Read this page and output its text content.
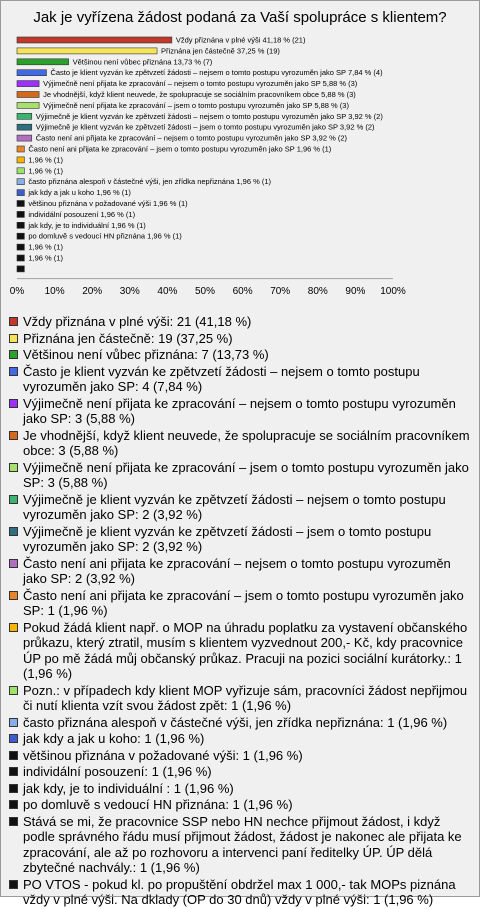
Jak je vyřízena žádost podaná za Vaší spoluprácе s klientem?
Vždy přiznána v plné výši 41,18 % (21)
Přiznána jen částečně 37,25 % (19)
Většinou není vůbec přiznána 13,73 % (7)
Často je klient vyzván ke zpětvzetí žádosti – nejsem o tomto postupu vyrozuměn jako SP 7,84 % (4)
Výjimečně není přijata ke zpracování – nejsem o tomto postupu vyrozuměn jako SP 5,88 % (3)
Je vhodnější, když klient neuvede, že spolupracuje se sociálním pracovníkem obce 5,88 % (3)
Výjimečně není přijata ke zpracování – jsem o tomto postupu vyrozuměn jako SP 5,88 % (3)
Výjimečně je klient vyzván ke zpětvzetí žádosti – nejsem o tomto postupu vyrozuměn jako SP 3,92 % (2)
Výjimečně je klient vyzván ke zpětvzetí žádosti – jsem o tomto postupu vyrozuměn jako SP 3,92 % (2)
Často není ani přijata ke zpracování – nejsem o tomto postupu vyrozuměn jako SP 3,92 % (2)
Často není ani přijata ke zpracování – jsem o tomto postupu vyrozuměn jako SP 1,96 % (1)
1,96 % (1)
1,96 % (1)
často přiznána alespoň v částečné výši, jen zřídka nepřiznána 1,96 % (1)
jak kdy a jak u koho 1,96 % (1)
většinou přiznána v požadované výši 1,96 % (1)
individální posouzení 1,96 % (1)
jak kdy, je to individuální 1,96 % (1)
po domluvě s vedoucí HN přiznána 1,96 % (1)
1,96 % (1)
1,96 % (1)
0% 10% 20% 30% 40% 50% 60% 70% 80% 90% 100%
Vždy přiznána v plné výši: 21 (41,18 %)
Přiznána jen částečně: 19 (37,25 %)
Většinou není vůbec přiznána: 7 (13,73 %)
Často je klient vyzván ke zpětvzetí žádosti – nejsem o tomto postupu vyrozuměn jako SP: 4 (7,84 %)
Výjimečně není přijata ke zpracování – nejsem o tomto postupu vyrozuměn jako SP: 3 (5,88 %)
Je vhodnější, když klient neuvede, že spolupracuje se sociálním pracovníkem obce: 3 (5,88 %)
Výjimečně není přijata ke zpracování – jsem o tomto postupu vyrozuměn jako SP: 3 (5,88 %)
Výjimečně je klient vyzván ke zpětvzetí žádosti – nejsem o tomto postupu vyrozuměn jako SP: 2 (3,92 %)
Výjimečně je klient vyzván ke zpětvzetí žádosti – jsem o tomto postupu vyrozuměn jako SP: 2 (3,92 %)
Často není ani přijata ke zpracování – nejsem o tomto postupu vyrozuměn jako SP: 2 (3,92 %)
Často není ani přijata ke zpracování – jsem o tomto postupu vyrozuměn jako SP: 1 (1,96 %)
Pokud žádá klient např. o MOP na úhradu poplatku za vystavení občanského průkazu, který ztratil, musím s klientem vyzvednout 200,- Kč, kdy pracovnice ÚP po mě žádá můj občanský průkaz. Pracuji na pozici sociální kurátorky.: 1 (1,96 %)
Pozn.: v případech kdy klient MOP vyřizuje sám, pracovníci žádost nepřijmou či nutí klienta vzít svou žádost zpět: 1 (1,96 %)
často přiznána alespoň v částečné výši, jen zřídka nepřiznána: 1 (1,96 %)
jak kdy a jak u koho: 1 (1,96 %)
většinou přiznána v požadované výši: 1 (1,96 %)
individální posouzení: 1 (1,96 %)
jak kdy, je to individuální : 1 (1,96 %)
po domluvě s vedoucí HN přiznána: 1 (1,96 %)
Stává se mi, že pracovnice SSP nebo HN nechce přijmout žádost, i když podle správného řádu musí přijmout žádost, žádost je nakonec ale přijata ke zpracování, ale až po rozhovoru a intervenci paní ředitelky ÚP. ÚP dělá zbytečné nachvály.: 1 (1,96 %)
PO VTOS - pokud kl. po propuštění obdržel max 1 000,- tak MOPs piznána vždy v plné výši. Na dklady (OP do 30 dnů) vždy v plné výši: 1 (1,96 %)
